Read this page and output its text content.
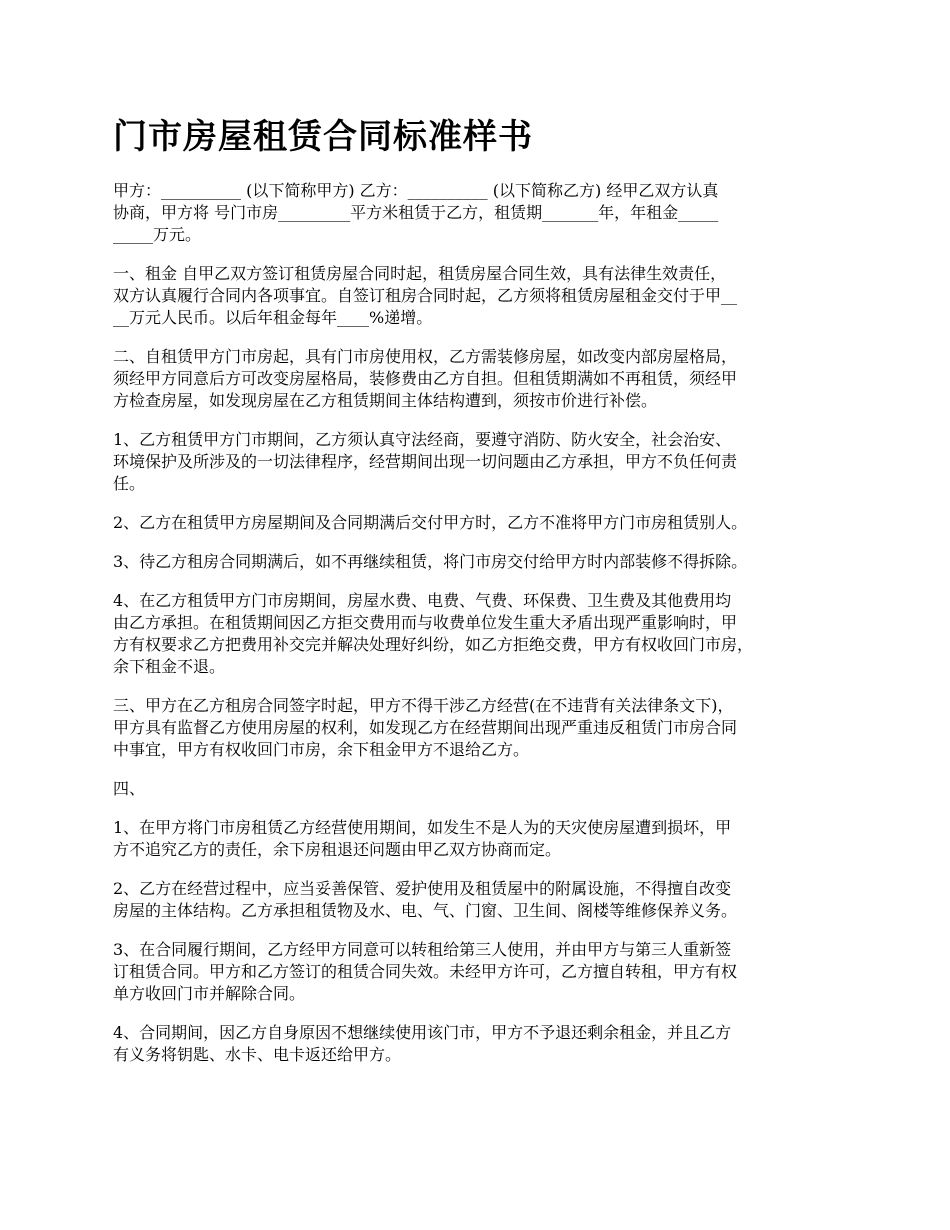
门市房屋租赁合同标准样书

甲方：__________ (以下简称甲方) 乙方：__________ (以下简称乙方) 经甲乙双方认真
协商，甲方将 号门市房_________平方米租赁于乙方，租赁期_______年，年租金_____
_____万元。

一、租金 自甲乙双方签订租赁房屋合同时起，租赁房屋合同生效，具有法律生效责任，
双方认真履行合同内各项事宜。自签订租房合同时起，乙方须将租赁房屋租金交付于甲__
__万元人民币。以后年租金每年____%递增。

二、自租赁甲方门市房起，具有门市房使用权，乙方需装修房屋，如改变内部房屋格局，
须经甲方同意后方可改变房屋格局，装修费由乙方自担。但租赁期满如不再租赁，须经甲
方检查房屋，如发现房屋在乙方租赁期间主体结构遭到，须按市价进行补偿。

1、乙方租赁甲方门市期间，乙方须认真守法经商，要遵守消防、防火安全，社会治安、
环境保护及所涉及的一切法律程序，经营期间出现一切问题由乙方承担，甲方不负任何责
任。

2、乙方在租赁甲方房屋期间及合同期满后交付甲方时，乙方不准将甲方门市房租赁别人。

3、待乙方租房合同期满后，如不再继续租赁，将门市房交付给甲方时内部装修不得拆除。

4、在乙方租赁甲方门市房期间，房屋水费、电费、气费、环保费、卫生费及其他费用均
由乙方承担。在租赁期间因乙方拒交费用而与收费单位发生重大矛盾出现严重影响时，甲
方有权要求乙方把费用补交完并解决处理好纠纷，如乙方拒绝交费，甲方有权收回门市房，
余下租金不退。

三、甲方在乙方租房合同签字时起，甲方不得干涉乙方经营(在不违背有关法律条文下)，
甲方具有监督乙方使用房屋的权利，如发现乙方在经营期间出现严重违反租赁门市房合同
中事宜，甲方有权收回门市房，余下租金甲方不退给乙方。

四、

1、在甲方将门市房租赁乙方经营使用期间，如发生不是人为的天灾使房屋遭到损坏，甲
方不追究乙方的责任，余下房租退还问题由甲乙双方协商而定。

2、乙方在经营过程中，应当妥善保管、爱护使用及租赁屋中的附属设施，不得擅自改变
房屋的主体结构。乙方承担租赁物及水、电、气、门窗、卫生间、阁楼等维修保养义务。

3、在合同履行期间，乙方经甲方同意可以转租给第三人使用，并由甲方与第三人重新签
订租赁合同。甲方和乙方签订的租赁合同失效。未经甲方许可，乙方擅自转租，甲方有权
单方收回门市并解除合同。

4、合同期间，因乙方自身原因不想继续使用该门市，甲方不予退还剩余租金，并且乙方
有义务将钥匙、水卡、电卡返还给甲方。
